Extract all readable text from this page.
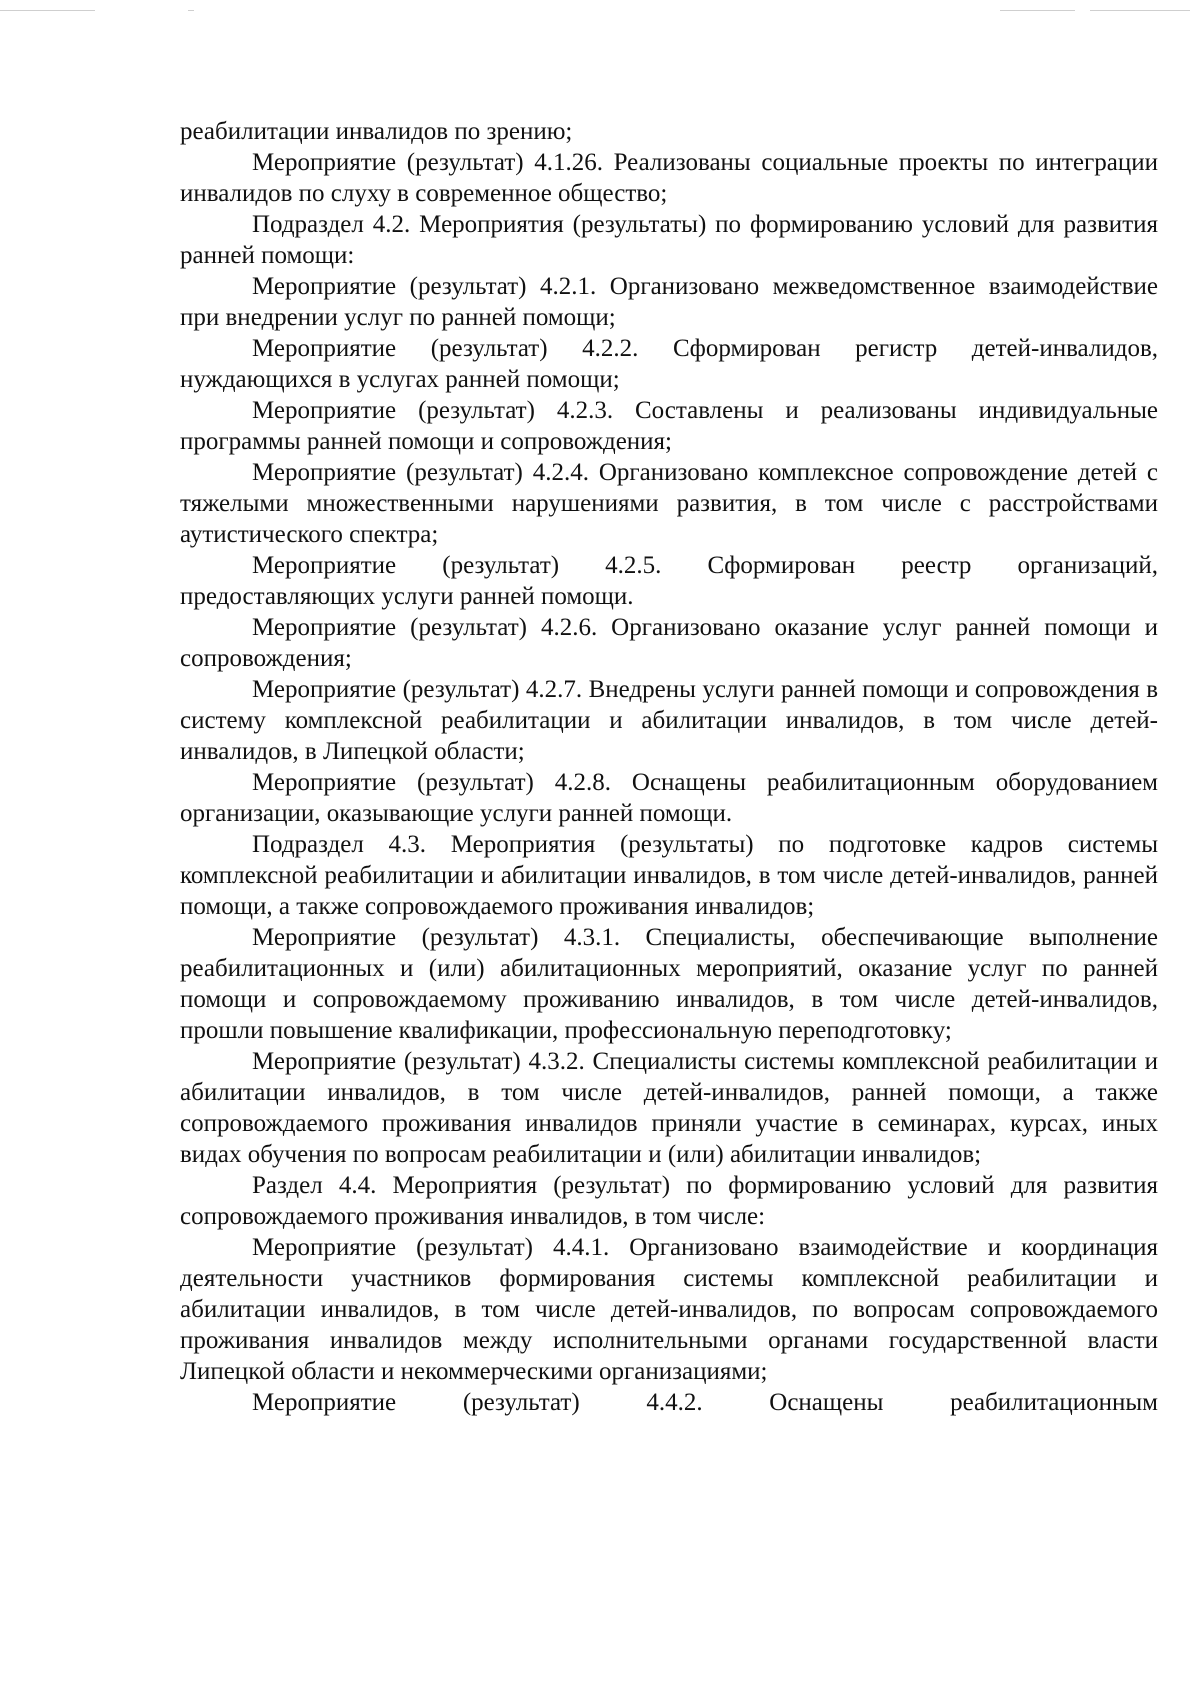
реабилитации инвалидов по зрению;

Мероприятие (результат) 4.1.26. Реализованы социальные проекты по интеграции инвалидов по слуху в современное общество;

Подраздел 4.2. Мероприятия (результаты) по формированию условий для развития ранней помощи:

Мероприятие (результат) 4.2.1. Организовано межведомственное взаимодействие при внедрении услуг по ранней помощи;

Мероприятие (результат) 4.2.2. Сформирован регистр детей-инвалидов, нуждающихся в услугах ранней помощи;

Мероприятие (результат) 4.2.3. Составлены и реализованы индивидуальные программы ранней помощи и сопровождения;

Мероприятие (результат) 4.2.4. Организовано комплексное сопровождение детей с тяжелыми множественными нарушениями развития, в том числе с расстройствами аутистического спектра;

Мероприятие (результат) 4.2.5. Сформирован реестр организаций, предоставляющих услуги ранней помощи.

Мероприятие (результат) 4.2.6. Организовано оказание услуг ранней помощи и сопровождения;

Мероприятие (результат) 4.2.7. Внедрены услуги ранней помощи и сопровождения в систему комплексной реабилитации и абилитации инвалидов, в том числе детей-инвалидов, в Липецкой области;

Мероприятие (результат) 4.2.8. Оснащены реабилитационным оборудованием организации, оказывающие услуги ранней помощи.

Подраздел 4.3. Мероприятия (результаты) по подготовке кадров системы комплексной реабилитации и абилитации инвалидов, в том числе детей-инвалидов, ранней помощи, а также сопровождаемого проживания инвалидов;

Мероприятие (результат) 4.3.1. Специалисты, обеспечивающие выполнение реабилитационных и (или) абилитационных мероприятий, оказание услуг по ранней помощи и сопровождаемому проживанию инвалидов, в том числе детей-инвалидов, прошли повышение квалификации, профессиональную переподготовку;

Мероприятие (результат) 4.3.2. Специалисты системы комплексной реабилитации и абилитации инвалидов, в том числе детей-инвалидов, ранней помощи, а также сопровождаемого проживания инвалидов приняли участие в семинарах, курсах, иных видах обучения по вопросам реабилитации и (или) абилитации инвалидов;

Раздел 4.4. Мероприятия (результат) по формированию условий для развития сопровождаемого проживания инвалидов, в том числе:

Мероприятие (результат) 4.4.1. Организовано взаимодействие и координация деятельности участников формирования системы комплексной реабилитации и абилитации инвалидов, в том числе детей-инвалидов, по вопросам сопровождаемого проживания инвалидов между исполнительными органами государственной власти Липецкой области и некоммерческими организациями;

Мероприятие (результат) 4.4.2. Оснащены реабилитационным
